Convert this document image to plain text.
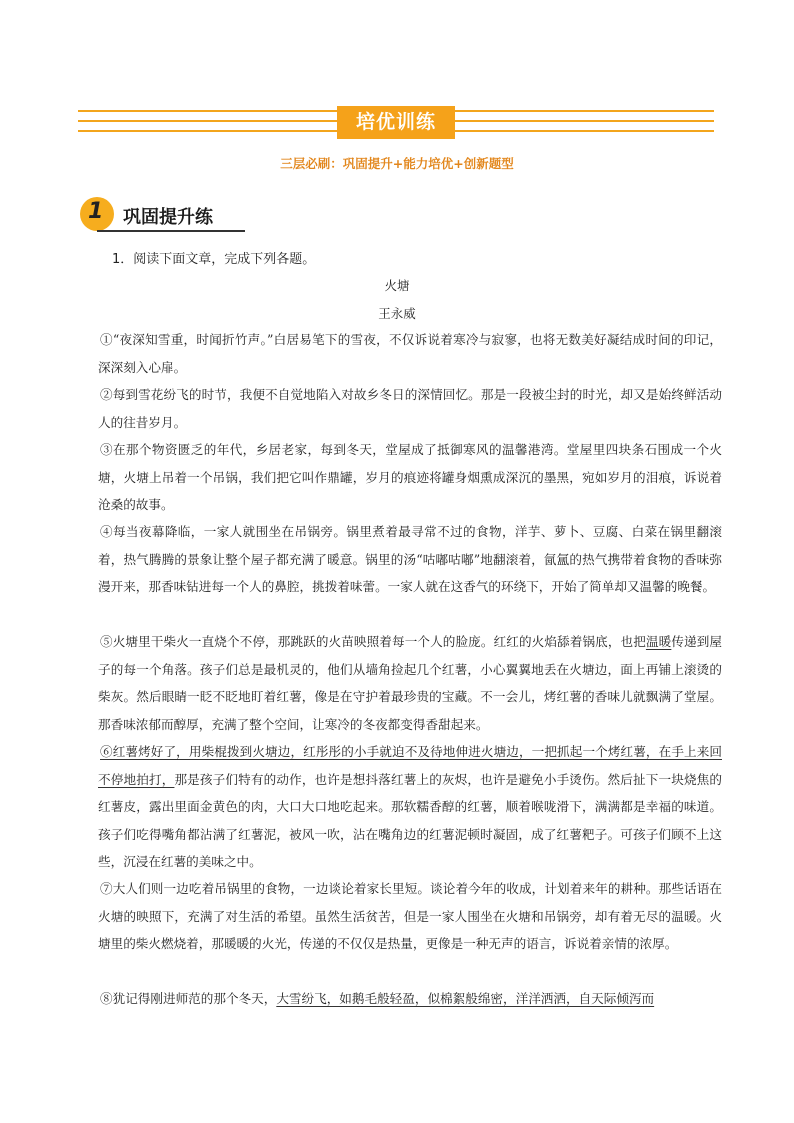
培优训练
三层必刷：巩固提升+能力培优+创新题型
1 巩固提升练
1．阅读下面文章，完成下列各题。
火塘
王永威

①“夜深知雪重，时闻折竹声。”白居易笔下的雪夜，不仅诉说着寒冷与寂寥，也将无数美好凝结成时间的印记，深深刻入心扉。

②每到雪花纷飞的时节，我便不自觉地陷入对故乡冬日的深情回忆。那是一段被尘封的时光，却又是始终鲜活动人的往昔岁月。

③在那个物资匮乏的年代，乡居老家，每到冬天，堂屋成了抵御寒风的温馨港湾。堂屋里四块条石围成一个火塘，火塘上吊着一个吊锅，我们把它叫作鼎罐，岁月的痕迹将罐身烟熏成深沉的墨黑，宛如岁月的泪痕，诉说着沧桑的故事。

④每当夜幕降临，一家人就围坐在吊锅旁。锅里煮着最寻常不过的食物，洋芋、萝卜、豆腐、白菜在锅里翻滚着，热气腾腾的景象让整个屋子都充满了暖意。锅里的汤“咕嘟咕嘟”地翻滚着，氤氲的热气携带着食物的香味弥漫开来，那香味钻进每一个人的鼻腔，挑拨着味蕾。一家人就在这香气的环绕下，开始了简单却又温馨的晚餐。

⑤火塘里干柴火一直烧个不停，那跳跃的火苗映照着每一个人的脸庞。红红的火焰舔着锅底，也把温暖传递到屋子的每一个角落。孩子们总是最机灵的，他们从墙角捡起几个红薯，小心翼翼地丢在火塘边，面上再铺上滚烫的柴灰。然后眼睛一眨不眨地盯着红薯，像是在守护着最珍贵的宝藏。不一会儿，烤红薯的香味儿就飘满了堂屋。那香味浓郁而醇厚，充满了整个空间，让寒冷的冬夜都变得香甜起来。

⑥红薯烤好了，用柴棍拨到火塘边，红彤彤的小手就迫不及待地伸进火塘边，一把抓起一个烤红薯，在手上来回不停地拍打，那是孩子们特有的动作，也许是想抖落红薯上的灰烬，也许是避免小手烫伤。然后扯下一块烧焦的红薯皮，露出里面金黄色的肉，大口大口地吃起来。那软糯香醇的红薯，顺着喉咙滑下，满满都是幸福的味道。孩子们吃得嘴角都沾满了红薯泥，被风一吹，沾在嘴角边的红薯泥顿时凝固，成了红薯粑子。可孩子们顾不上这些，沉浸在红薯的美味之中。

⑦大人们则一边吃着吊锅里的食物，一边谈论着家长里短。谈论着今年的收成，计划着来年的耕种。那些话语在火塘的映照下，充满了对生活的希望。虽然生活贫苦，但是一家人围坐在火塘和吊锅旁，却有着无尽的温暖。火塘里的柴火燃烧着，那暖暖的火光，传递的不仅仅是热量，更像是一种无声的语言，诉说着亲情的浓厚。

⑧犹记得刚进师范的那个冬天，大雪纷飞，如鹅毛般轻盈，似棉絮般绵密，洋洋洒洒，自天际倾泻而
